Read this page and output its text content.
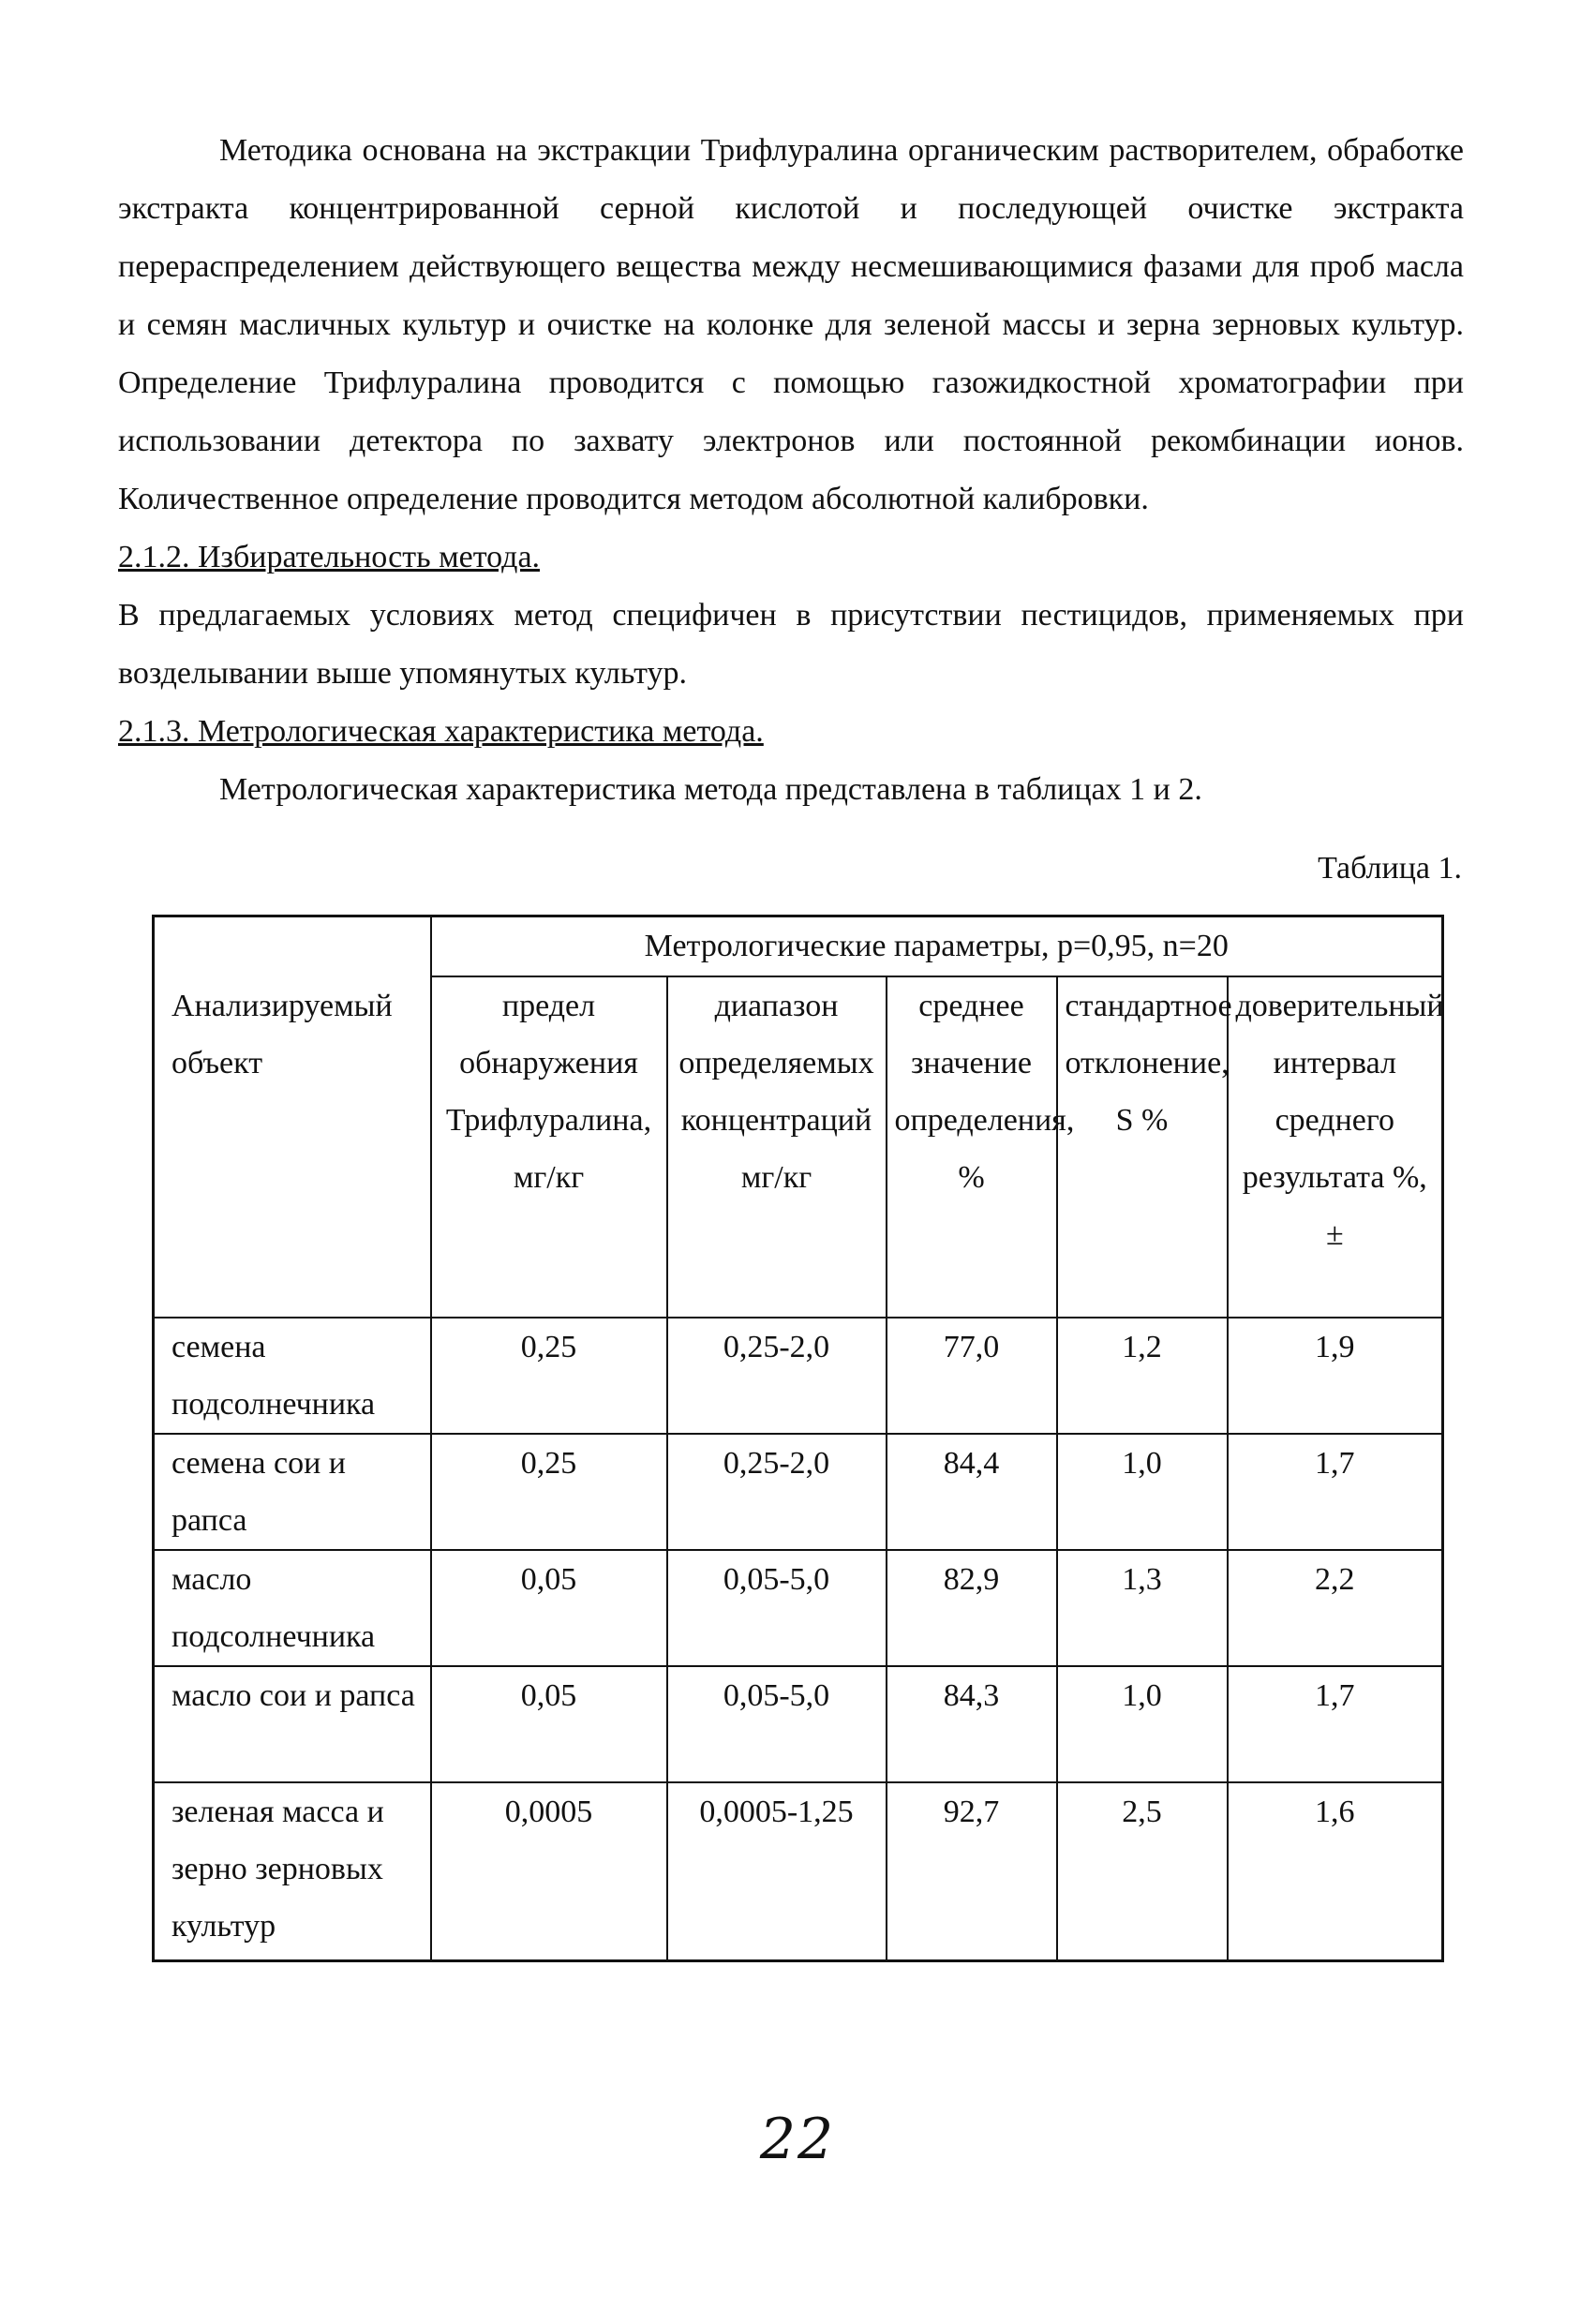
Методика основана на экстракции Трифлуралина органическим растворителем, обработке экстракта концентрированной серной кислотой и последующей очистке экстракта перераспределением действующего вещества между несмешивающимися фазами для проб масла и семян масличных культур и очистке на колонке для зеленой массы и зерна зерновых культур. Определение Трифлуралина проводится с помощью газожидкостной хроматографии при использовании детектора по захвату электронов или постоянной рекомбинации ионов. Количественное определение проводится методом абсолютной калибровки.

2.1.2. Избирательность метода.

В предлагаемых условиях метод специфичен в присутствии пестицидов, применяемых при возделывании выше упомянутых культур.

2.1.3. Метрологическая характеристика метода.

Метрологическая характеристика метода представлена в таблицах 1 и 2.

Таблица 1.

Анализируемый объект	Метрологические параметры, р=0,95, n=20				
	предел обнаружения Трифлуралина, мг/кг	диапазон определяемых концентраций мг/кг	среднее значение определения, %	стандартное отклонение, S %	доверительный интервал среднего результата %, ±
семена подсолнечника	0,25	0,25-2,0	77,0	1,2	1,9
семена сои и рапса	0,25	0,25-2,0	84,4	1,0	1,7
масло подсолнечника	0,05	0,05-5,0	82,9	1,3	2,2
масло сои и рапса	0,05	0,05-5,0	84,3	1,0	1,7
зеленая масса и зерно зерновых культур	0,0005	0,0005-1,25	92,7	2,5	1,6
22
